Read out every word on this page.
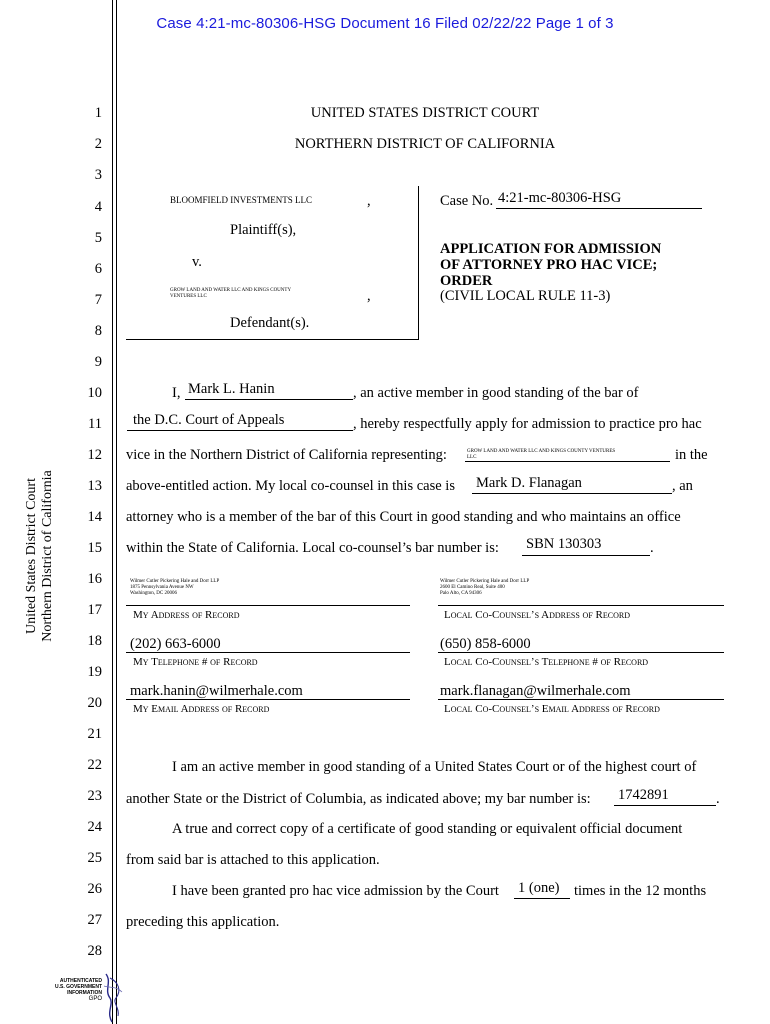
Case 4:21-mc-80306-HSG Document 16 Filed 02/22/22 Page 1 of 3
1
2
3
4
5
6
7
8
9
10
11
12
13
14
15
16
17
18
19
20
21
22
23
24
25
26
27
28
United States District Court Northern District of California
UNITED STATES DISTRICT COURT
NORTHERN DISTRICT OF CALIFORNIA
BLOOMFIELD INVESTMENTS LLC	,
Plaintiff(s),
v.
GROW LAND AND WATER LLC AND KINGS COUNTY
VENTURES LLC	,
Defendant(s).
Case No. 4:21-mc-80306-HSG
APPLICATION FOR ADMISSION
OF ATTORNEY PRO HAC VICE;
ORDER
(CIVIL LOCAL RULE 11-3)
I, Mark L. Hanin	, an active member in good standing of the bar of
the D.C. Court of Appeals	, hereby respectfully apply for admission to practice pro hac
vice in the Northern District of California representing:	GROW LAND AND WATER LLC AND KINGS COUNTY VENTURES
LLC	in the
above-entitled action. My local co-counsel in this case is Mark D. Flanagan	, an
attorney who is a member of the bar of this Court in good standing and who maintains an office
within the State of California. Local co-counsel’s bar number is: SBN 130303	.
Wilmer Cutler Pickering Hale and Dorr LLP
1875 Pennsylvania Avenue NW
Washington, DC 20006
Wilmer Cutler Pickering Hale and Dorr LLP
2600 El Camino Real, Suite 400
Palo Alto, CA 94306
My Address of Record	Local Co-Counsel’s Address of Record
(202) 663-6000	(650) 858-6000
My Telephone # of Record	Local Co-Counsel’s Telephone # of Record
mark.hanin@wilmerhale.com	mark.flanagan@wilmerhale.com
My Email Address of Record	Local Co-Counsel’s Email Address of Record
I am an active member in good standing of a United States Court or of the highest court of
another State or the District of Columbia, as indicated above; my bar number is: 1742891	.
A true and correct copy of a certificate of good standing or equivalent official document
from said bar is attached to this application.
I have been granted pro hac vice admission by the Court 1 (one) times in the 12 months
preceding this application.
AUTHENTICATED
U.S. GOVERNMENT
INFORMATION
GPO
